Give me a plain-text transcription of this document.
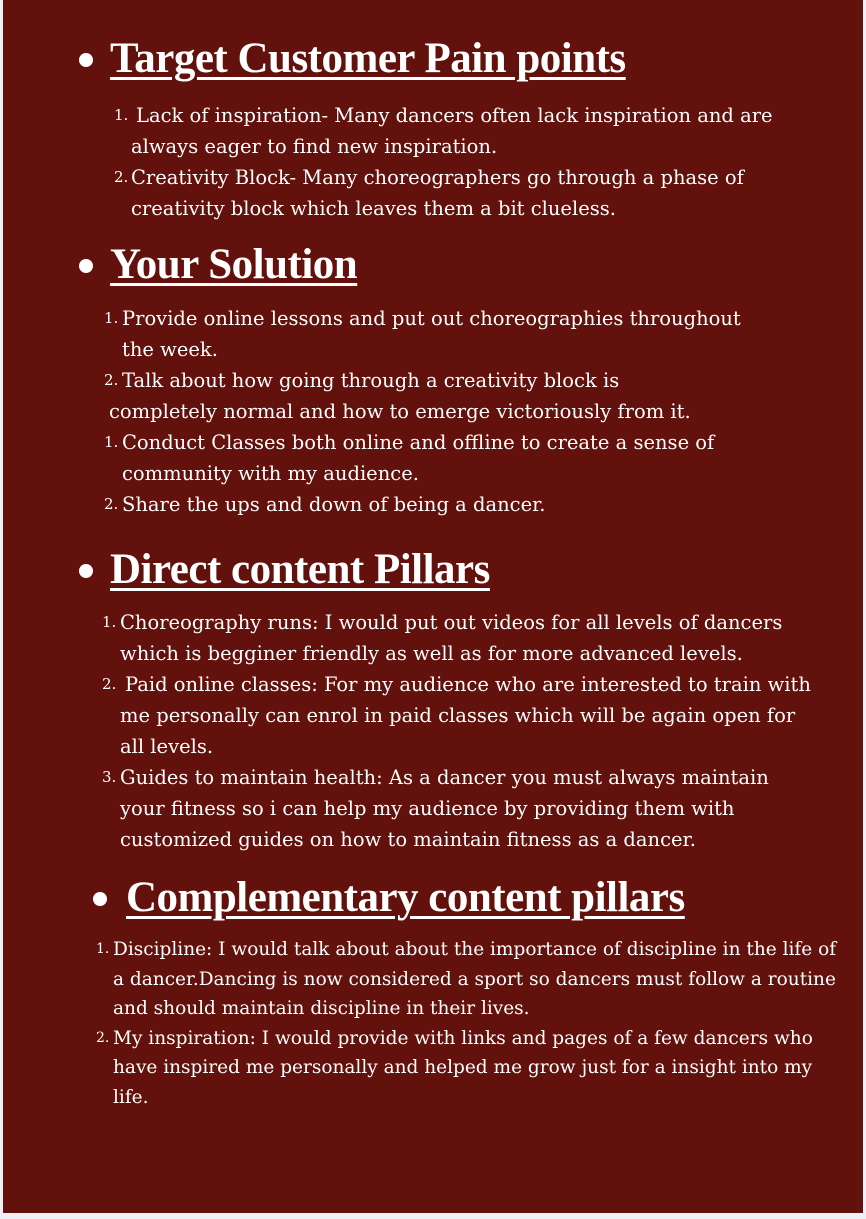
Target Customer Pain points
1. Lack of inspiration- Many dancers often lack inspiration and are
always eager to find new inspiration.
2. Creativity Block- Many choreographers go through a phase of
creativity block which leaves them a bit clueless.
Your Solution
1. Provide online lessons and put out choreographies throughout
the week.
2. Talk about how going through a creativity block is
completely normal and how to emerge victoriously from it.
1. Conduct Classes both online and offline to create a sense of
community with my audience.
2. Share the ups and down of being a dancer.
Direct content Pillars
1. Choreography runs: I would put out videos for all levels of dancers
which is begginer friendly as well as for more advanced levels.
2. Paid online classes: For my audience who are interested to train with
me personally can enrol in paid classes which will be again open for
all levels.
3. Guides to maintain health: As a dancer you must always maintain
your fitness so i can help my audience by providing them with
customized guides on how to maintain fitness as a dancer.
Complementary content pillars
1. Discipline: I would talk about about the importance of discipline in the life of
a dancer.Dancing is now considered a sport so dancers must follow a routine
and should maintain discipline in their lives.
2. My inspiration: I would provide with links and pages of a few dancers who
have inspired me personally and helped me grow just for a insight into my
life.
